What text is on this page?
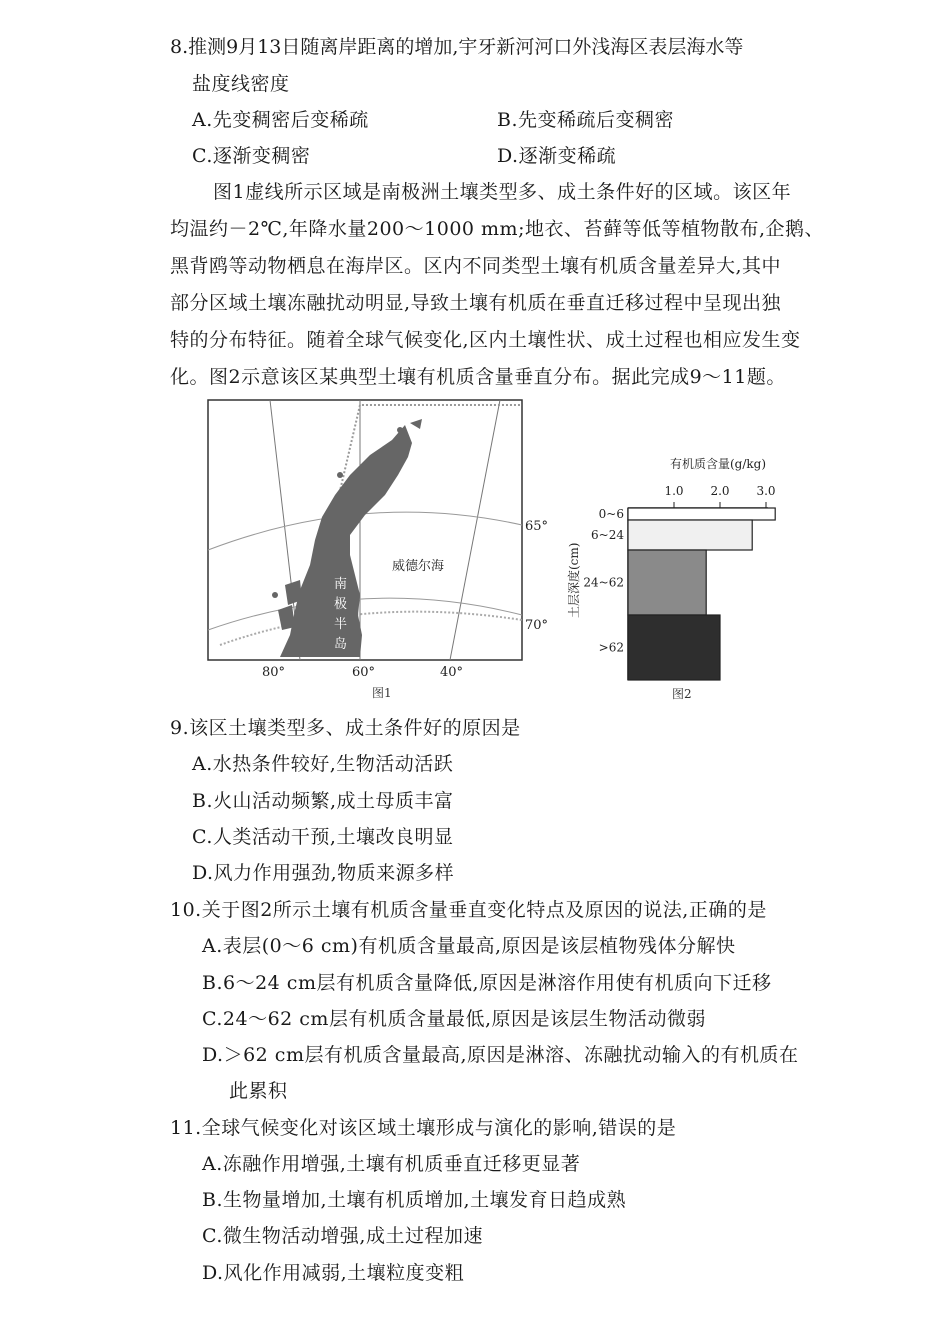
8.推测9月13日随离岸距离的增加,宇牙新河河口外浅海区表层海水等
盐度线密度
A.先变稠密后变稀疏	B.先变稀疏后变稠密
C.逐渐变稠密	D.逐渐变稀疏
图1虚线所示区域是南极洲土壤类型多、成土条件好的区域。该区年
均温约－2℃,年降水量200～1000 mm;地衣、苔藓等低等植物散布,企鹅、
黑背鸥等动物栖息在海岸区。区内不同类型土壤有机质含量差异大,其中
部分区域土壤冻融扰动明显,导致土壤有机质在垂直迁移过程中呈现出独
特的分布特征。随着全球气候变化,区内土壤性状、成土过程也相应发生变
化。图2示意该区某典型土壤有机质含量垂直分布。据此完成9～11题。
威德尔海
南
极
半
岛
65°
70°
80°	60°	40°
图1
有机质含量(g/kg)
1.0 2.0 3.0
0~6
6~24
24~62
>62
土层深度(cm)
图2
9.该区土壤类型多、成土条件好的原因是
A.水热条件较好,生物活动活跃
B.火山活动频繁,成土母质丰富
C.人类活动干预,土壤改良明显
D.风力作用强劲,物质来源多样
10.关于图2所示土壤有机质含量垂直变化特点及原因的说法,正确的是
A.表层(0～6 cm)有机质含量最高,原因是该层植物残体分解快
B.6～24 cm层有机质含量降低,原因是淋溶作用使有机质向下迁移
C.24～62 cm层有机质含量最低,原因是该层生物活动微弱
D.＞62 cm层有机质含量最高,原因是淋溶、冻融扰动输入的有机质在
此累积
11.全球气候变化对该区域土壤形成与演化的影响,错误的是
A.冻融作用增强,土壤有机质垂直迁移更显著
B.生物量增加,土壤有机质增加,土壤发育日趋成熟
C.微生物活动增强,成土过程加速
D.风化作用减弱,土壤粒度变粗
